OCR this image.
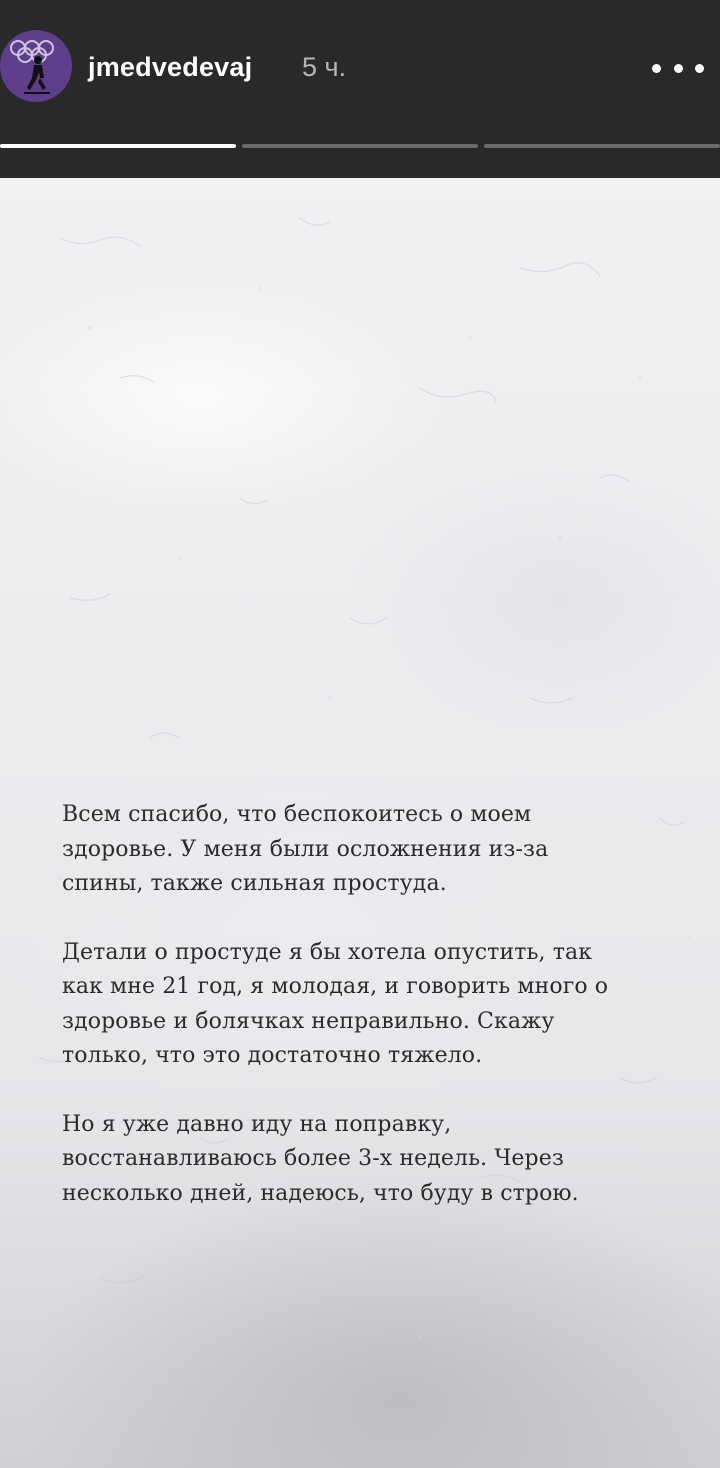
jmedvedevaj 5 ч.

Всем спасибо, что беспокоитесь о моем
здоровье. У меня были осложнения из-за
спины, также сильная простуда.

Детали о простуде я бы хотела опустить, так
как мне 21 год, я молодая, и говорить много о
здоровье и болячках неправильно. Скажу
только, что это достаточно тяжело.

Но я уже давно иду на поправку,
восстанавливаюсь более 3-х недель. Через
несколько дней, надеюсь, что буду в строю.
